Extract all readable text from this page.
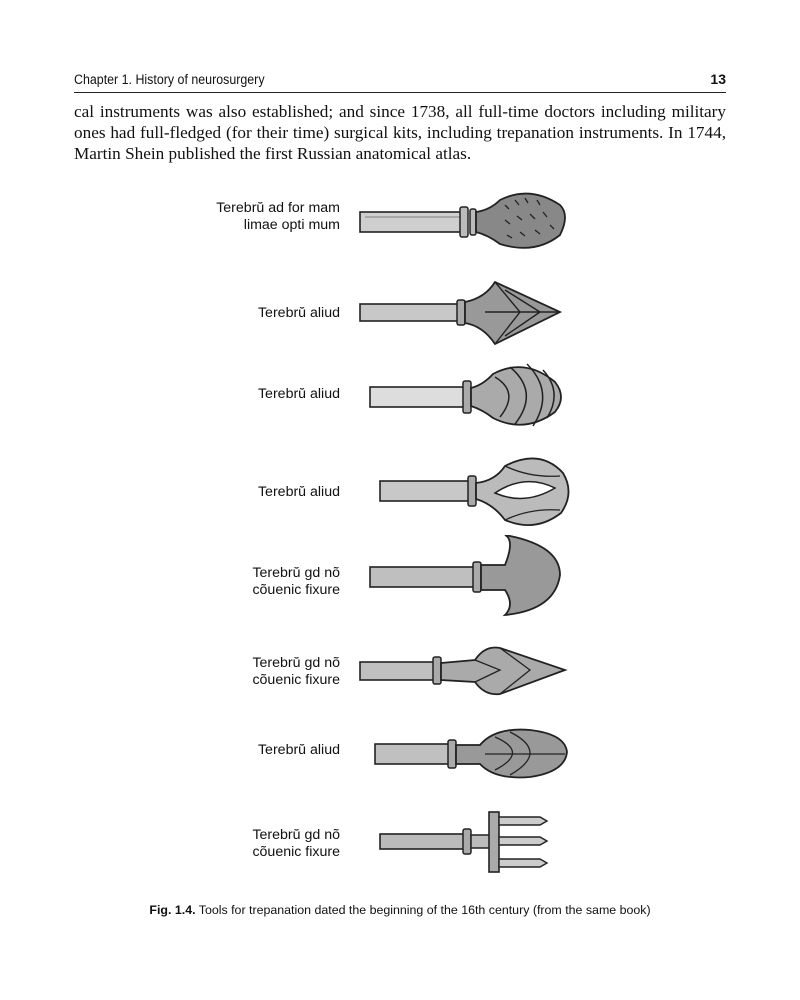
Chapter 1. History of neurosurgery	13

cal instruments was also established; and since 1738, all full-time doctors including military ones had full-fledged (for their time) surgical kits, including trepanation instruments. In 1744, Martin Shein published the first Russian anatomical atlas.

Terebrŭ ad for mam limae opti mum
Terebrŭ aliud
Terebrŭ aliud
Terebrŭ aliud
Terebrŭ gd nõ cõuenic fixure
Terebrŭ gd nõ cõuenic fixure
Terebrŭ aliud
Terebrŭ gd nõ cõuenic fixure
Fig. 1.4. Tools for trepanation dated the beginning of the 16th century (from the same book)
